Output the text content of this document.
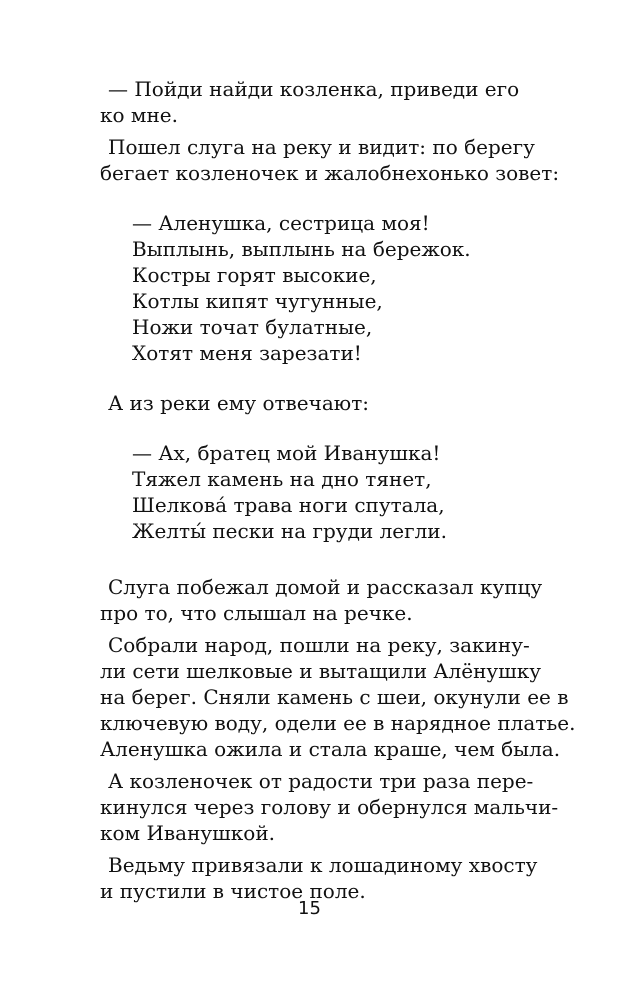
— Пойди найди козленка, приведи его

ко мне.

Пошел слуга на реку и видит: по берегу

бегает козленочек и жалобнехонько зовет:

— Аленушка, сестрица моя!

Выплынь, выплынь на бережок.

Костры горят высокие,

Котлы кипят чугунные,

Ножи точат булатные,

Хотят меня зарезати!

А из реки ему отвечают:

— Ах, братец мой Иванушка!

Тяжел камень на дно тянет,

Шелкова́ трава ноги спутала,

Желты́ пески на груди легли.

Слуга побежал домой и рассказал купцу

про то, что слышал на речке.

Собрали народ, пошли на реку, закину-

ли сети шелковые и вытащили Алёнушку

на берег. Сняли камень с шеи, окунули ее в

ключевую воду, одели ее в нарядное платье.

Аленушка ожила и стала краше, чем была.

А козленочек от радости три раза пере-

кинулся через голову и обернулся мальчи-

ком Иванушкой.

Ведьму привязали к лошадиному хвосту

и пустили в чистое поле.

15
